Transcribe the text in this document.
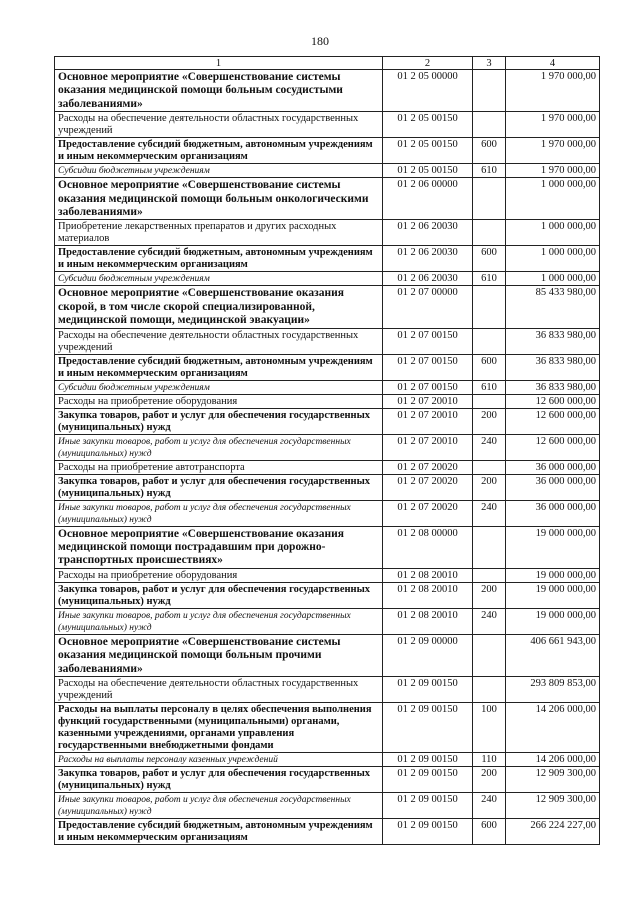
180
1	2	3	4
Основное мероприятие «Совершенствование системы оказания медицинской помощи больным сосудистыми заболеваниями»	01 2 05 00000		1 970 000,00
Расходы на обеспечение деятельности областных государственных учреждений	01 2 05 00150		1 970 000,00
Предоставление субсидий бюджетным, автономным учреждениям и иным некоммерческим организациям	01 2 05 00150	600	1 970 000,00
Субсидии бюджетным учреждениям	01 2 05 00150	610	1 970 000,00
Основное мероприятие «Совершенствование системы оказания медицинской помощи больным онкологическими заболеваниями»	01 2 06 00000		1 000 000,00
Приобретение лекарственных препаратов и других расходных материалов	01 2 06 20030		1 000 000,00
Предоставление субсидий бюджетным, автономным учреждениям и иным некоммерческим организациям	01 2 06 20030	600	1 000 000,00
Субсидии бюджетным учреждениям	01 2 06 20030	610	1 000 000,00
Основное мероприятие «Совершенствование оказания скорой, в том числе скорой специализированной, медицинской помощи, медицинской эвакуации»	01 2 07 00000		85 433 980,00
Расходы на обеспечение деятельности областных государственных учреждений	01 2 07 00150		36 833 980,00
Предоставление субсидий бюджетным, автономным учреждениям и иным некоммерческим организациям	01 2 07 00150	600	36 833 980,00
Субсидии бюджетным учреждениям	01 2 07 00150	610	36 833 980,00
Расходы на приобретение оборудования	01 2 07 20010		12 600 000,00
Закупка товаров, работ и услуг для обеспечения государственных (муниципальных) нужд	01 2 07 20010	200	12 600 000,00
Иные закупки товаров, работ и услуг для обеспечения государственных (муниципальных) нужд	01 2 07 20010	240	12 600 000,00
Расходы на приобретение автотранспорта	01 2 07 20020		36 000 000,00
Закупка товаров, работ и услуг для обеспечения государственных (муниципальных) нужд	01 2 07 20020	200	36 000 000,00
Иные закупки товаров, работ и услуг для обеспечения государственных (муниципальных) нужд	01 2 07 20020	240	36 000 000,00
Основное мероприятие «Совершенствование оказания медицинской помощи пострадавшим при дорожно-транспортных происшествиях»	01 2 08 00000		19 000 000,00
Расходы на приобретение оборудования	01 2 08 20010		19 000 000,00
Закупка товаров, работ и услуг для обеспечения государственных (муниципальных) нужд	01 2 08 20010	200	19 000 000,00
Иные закупки товаров, работ и услуг для обеспечения государственных (муниципальных) нужд	01 2 08 20010	240	19 000 000,00
Основное мероприятие «Совершенствование системы оказания медицинской помощи больным прочими заболеваниями»	01 2 09 00000		406 661 943,00
Расходы на обеспечение деятельности областных государственных учреждений	01 2 09 00150		293 809 853,00
Расходы на выплаты персоналу в целях обеспечения выполнения функций государственными (муниципальными) органами, казенными учреждениями, органами управления государственными внебюджетными фондами	01 2 09 00150	100	14 206 000,00
Расходы на выплаты персоналу казенных учреждений	01 2 09 00150	110	14 206 000,00
Закупка товаров, работ и услуг для обеспечения государственных (муниципальных) нужд	01 2 09 00150	200	12 909 300,00
Иные закупки товаров, работ и услуг для обеспечения государственных (муниципальных) нужд	01 2 09 00150	240	12 909 300,00
Предоставление субсидий бюджетным, автономным учреждениям и иным некоммерческим организациям	01 2 09 00150	600	266 224 227,00
